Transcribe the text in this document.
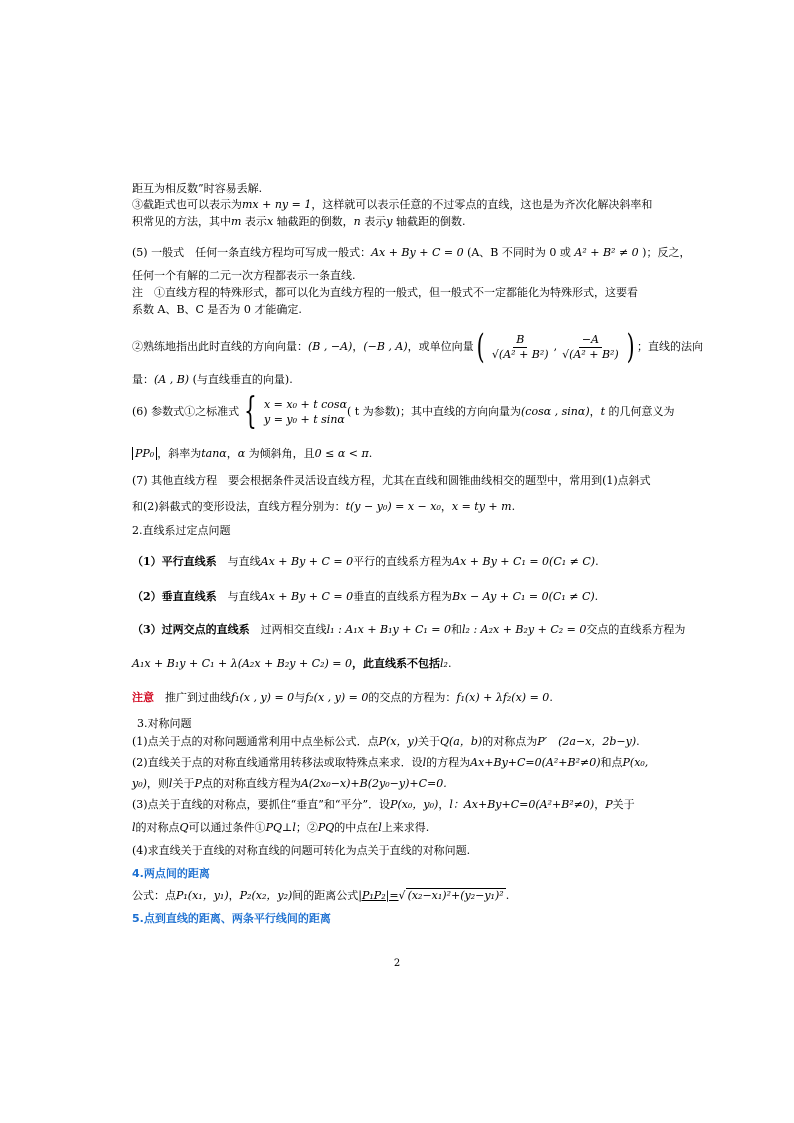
距互为相反数”时容易丢解.
③截距式也可以表示为mx + ny = 1，这样就可以表示任意的不过零点的直线，这也是为齐次化解决斜率和
积常见的方法，其中m 表示x 轴截距的倒数，n 表示y 轴截距的倒数.
(5) 一般式　任何一条直线方程均可写成一般式：Ax + By + C = 0 (A、B 不同时为 0 或 A² + B² ≠ 0 )；反之，
任何一个有解的二元一次方程都表示一条直线.
注　①直线方程的特殊形式，都可以化为直线方程的一般式，但一般式不一定都能化为特殊形式，这要看
系数 A、B、C 是否为 0 才能确定.
②熟练地指出此时直线的方向向量：(B , −A)，(−B , A)，或单位向量( $\frac{B}{\text{√(A² + B²)}}$ , $\frac{-A}{\text{√(A² + B²)}}$ ) ；直线的法向
量：(A , B) (与直线垂直的向量).
(6) 参数式①之标准式 { x = x₀ + t cosα
y = y₀ + t sinα
( t 为参数)；其中直线的方向向量为(cosα , sinα)，t 的几何意义为
PP₀ ，斜率为tanα，α 为倾斜角，且0 ≤ α < π.
(7) 其他直线方程　要会根据条件灵活设直线方程，尤其在直线和圆锥曲线相交的题型中，常用到(1)点斜式
和(2)斜截式的变形设法，直线方程分别为：t(y − y₀) = x − x₀，x = ty + m.
2.直线系过定点问题
（1）平行直线系　 与直线Ax + By + C = 0平行的直线系方程为Ax + By + C₁ = 0(C₁ ≠ C).
（2）垂直直线系　 与直线Ax + By + C = 0垂直的直线系方程为Bx − Ay + C₁ = 0(C₁ ≠ C).
（3）过两交点的直线系　 过两相交直线l₁ : A₁x + B₁y + C₁ = 0和l₂ : A₂x + B₂y + C₂ = 0交点的直线系方程为
A₁x + B₁y + C₁ + λ(A₂x + B₂y + C₂) = 0，此直线系不包括l₂.
注意　 推广到过曲线f₁(x , y) = 0与f₂(x , y) = 0的交点的方程为：f₁(x) + λf₂(x) = 0.
3.对称问题
(1)点关于点的对称问题通常利用中点坐标公式．点P(x，y)关于Q(a，b)的对称点为P′　(2a−x，2b−y).
(2)直线关于点的对称直线通常用转移法或取特殊点来求．设l的方程为Ax+By+C=0(A²+B²≠0)和点P(x₀,
y₀)，则l关于P点的对称直线方程为A(2x₀−x)+B(2y₀−y)+C=0.
(3)点关于直线的对称点，要抓住“垂直”和“平分”．设P(x₀，y₀)，l：Ax+By+C=0(A²+B²≠0)，P关于
l的对称点Q可以通过条件①PQ⊥l；②PQ的中点在l上来求得.
(4)求直线关于直线的对称直线的问题可转化为点关于直线的对称问题.
4.两点间的距离
公式：点P₁(x₁，y₁)，P₂(x₂，y₂)间的距离公式|P₁P₂|=√ (x₂−x₁)²+(y₂−y₁)² .
5.点到直线的距离、两条平行线间的距离
2
